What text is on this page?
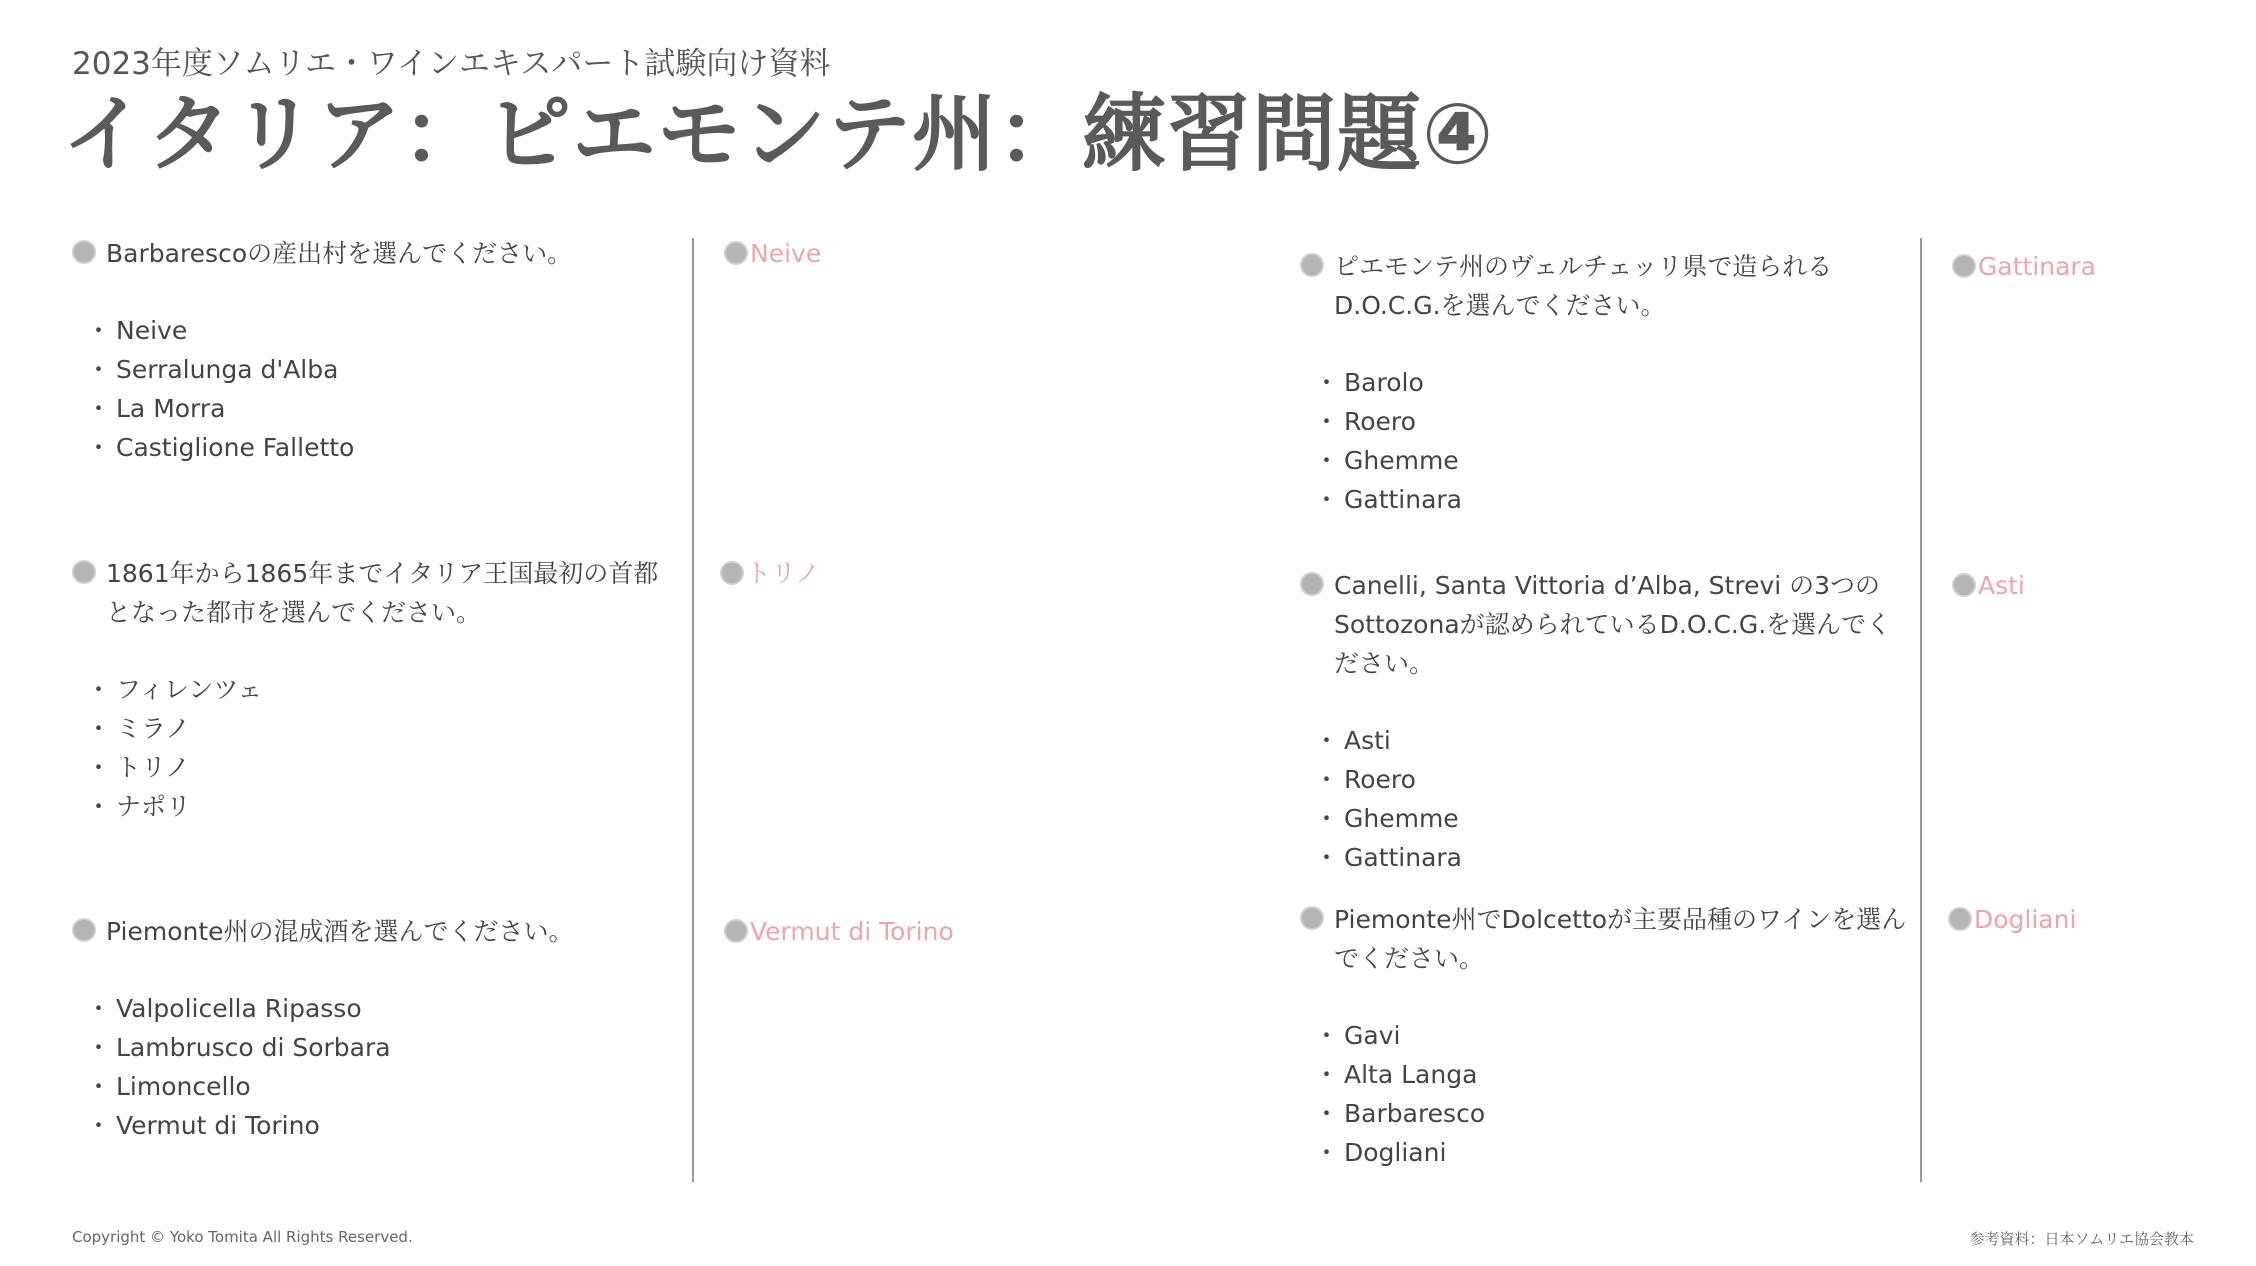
2023年度ソムリエ・ワインエキスパート試験向け資料
イタリア：ピエモンテ州：練習問題④
Barbarescoの産出村を選んでください。
・ Neive
・ Serralunga d'Alba
・ La Morra
・ Castiglione Falletto
Neive
1861年から1865年までイタリア王国最初の首都となった都市を選んでください。
・ フィレンツェ
・ ミラノ
・ トリノ
・ ナポリ
トリノ
Piemonte州の混成酒を選んでください。
・ Valpolicella Ripasso
・ Lambrusco di Sorbara
・ Limoncello
・ Vermut di Torino
Vermut di Torino
ピエモンテ州のヴェルチェッリ県で造られる D.O.C.G.を選んでください。
・ Barolo
・ Roero
・ Ghemme
・ Gattinara
Gattinara
Canelli, Santa Vittoria d’Alba, Strevi の3つのSottozonaが認められているD.O.C.G.を選んでください。
・ Asti
・ Roero
・ Ghemme
・ Gattinara
Asti
Piemonte州でDolcettoが主要品種のワインを選んでください。
・ Gavi
・ Alta Langa
・ Barbaresco
・ Dogliani
Dogliani
Copyright © Yoko Tomita All Rights Reserved.	参考資料：日本ソムリエ協会教本
